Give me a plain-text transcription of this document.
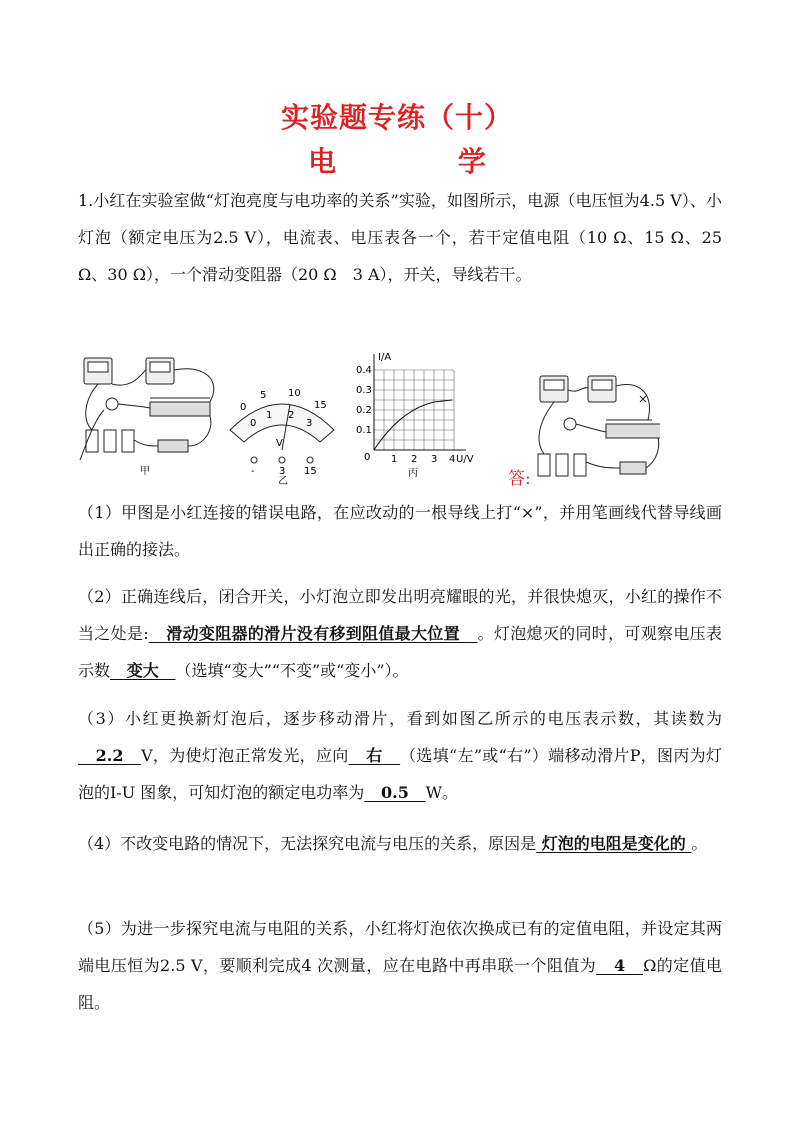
实验题专练（十）
电 学
1.小红在实验室做“灯泡亮度与电功率的关系”实验，如图所示，电源（电压恒为4.5 V）、小灯泡（额定电压为2.5 V），电流表、电压表各一个，若干定值电阻（10 Ω、15 Ω、25 Ω、30 Ω），一个滑动变阻器（20 Ω　3 A），开关，导线若干。
甲
0
5 10
15
0
1 2
3
V
- 3 15
乙
I/A
U/V
0.4
0.3
0.2
0.1
0 1 2 3 4
丙	答:
（1）甲图是小红连接的错误电路，在应改动的一根导线上打“×”，并用笔画线代替导线画出正确的接法。
（2）正确连线后，闭合开关，小灯泡立即发出明亮耀眼的光，并很快熄灭，小红的操作不当之处是:   滑动变阻器的滑片没有移到阻值最大位置   。灯泡熄灭的同时，可观察电压表示数   变大   （选填“变大”“不变”或“变小”）。
（3）小红更换新灯泡后，逐步移动滑片，看到如图乙所示的电压表示数，其读数为   2.2   V，为使灯泡正常发光，应向   右   （选填“左”或“右”）端移动滑片P，图丙为灯泡的I-U 图象，可知灯泡的额定电功率为   0.5   W。
（4）不改变电路的情况下，无法探究电流与电压的关系，原因是 灯泡的电阻是变化的 。
（5）为进一步探究电流与电阻的关系，小红将灯泡依次换成已有的定值电阻，并设定其两端电压恒为2.5 V，要顺利完成4 次测量，应在电路中再串联一个阻值为   4   Ω的定值电阻。
